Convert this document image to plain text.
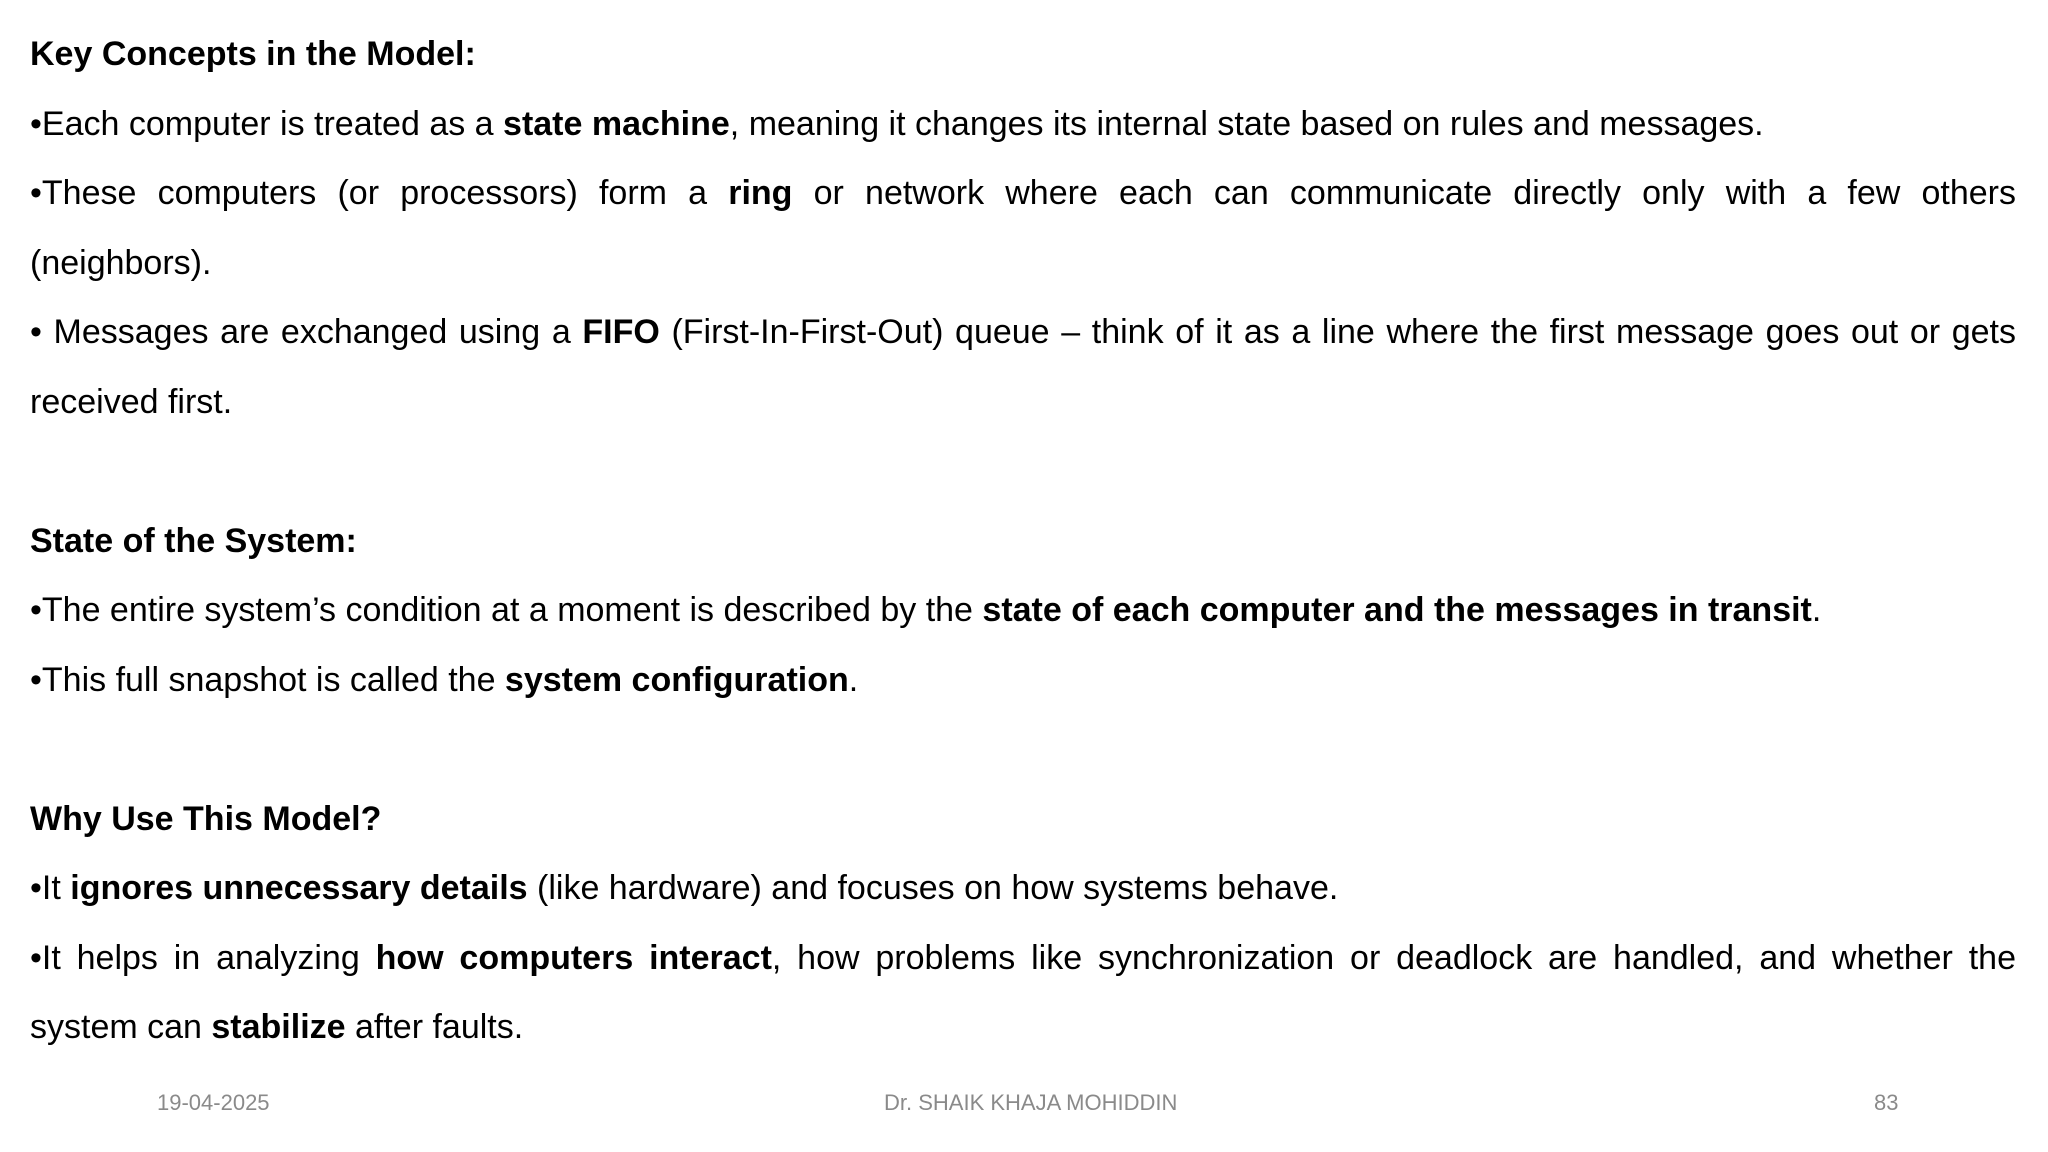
Key Concepts in the Model:
•Each computer is treated as a state machine, meaning it changes its internal state based on rules and messages.
•These computers (or processors) form a ring or network where each can communicate directly only with a few others
(neighbors).
• Messages are exchanged using a FIFO (First-In-First-Out) queue – think of it as a line where the first message goes out or gets
received first.
State of the System:
•The entire system’s condition at a moment is described by the state of each computer and the messages in transit.
•This full snapshot is called the system configuration.
Why Use This Model?
•It ignores unnecessary details (like hardware) and focuses on how systems behave.
•It helps in analyzing how computers interact, how problems like synchronization or deadlock are handled, and whether the
system can stabilize after faults.
19-04-2025	Dr. SHAIK KHAJA MOHIDDIN	83
